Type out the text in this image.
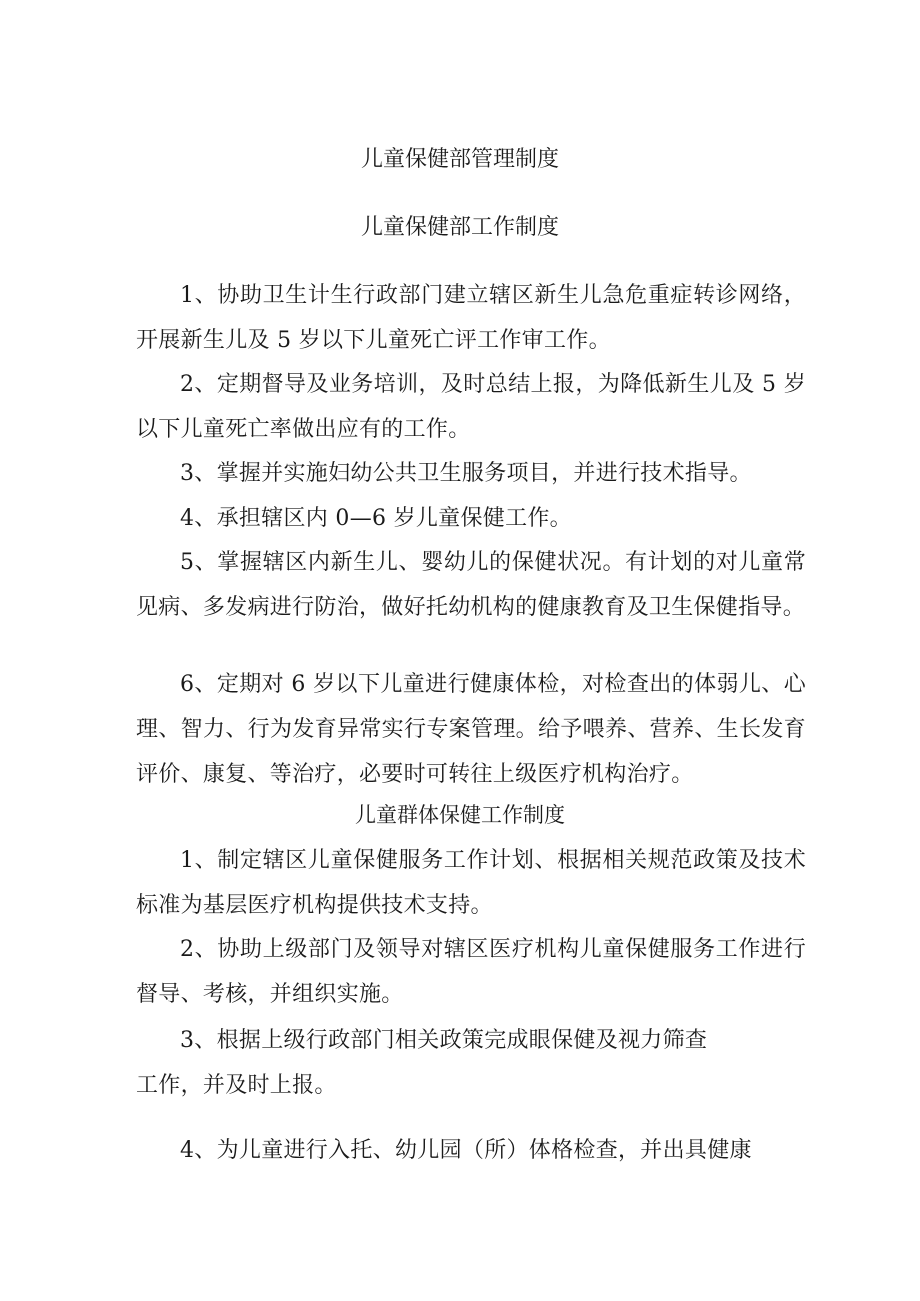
儿童保健部管理制度
儿童保健部工作制度

1、协助卫生计生行政部门建立辖区新生儿急危重症转诊网络，开展新生儿及 5 岁以下儿童死亡评工作审工作。

2、定期督导及业务培训，及时总结上报，为降低新生儿及 5 岁以下儿童死亡率做出应有的工作。

3、掌握并实施妇幼公共卫生服务项目，并进行技术指导。

4、承担辖区内 0—6 岁儿童保健工作。

5、掌握辖区内新生儿、婴幼儿的保健状况。有计划的对儿童常见病、多发病进行防治，做好托幼机构的健康教育及卫生保健指导。

6、定期对 6 岁以下儿童进行健康体检，对检查出的体弱儿、心理、智力、行为发育异常实行专案管理。给予喂养、营养、生长发育评价、康复、等治疗，必要时可转往上级医疗机构治疗。

儿童群体保健工作制度

1、制定辖区儿童保健服务工作计划、根据相关规范政策及技术标准为基层医疗机构提供技术支持。

2、协助上级部门及领导对辖区医疗机构儿童保健服务工作进行督导、考核，并组织实施。

3、根据上级行政部门相关政策完成眼保健及视力筛查

工作，并及时上报。

4、为儿童进行入托、幼儿园（所）体格检查，并出具健康
